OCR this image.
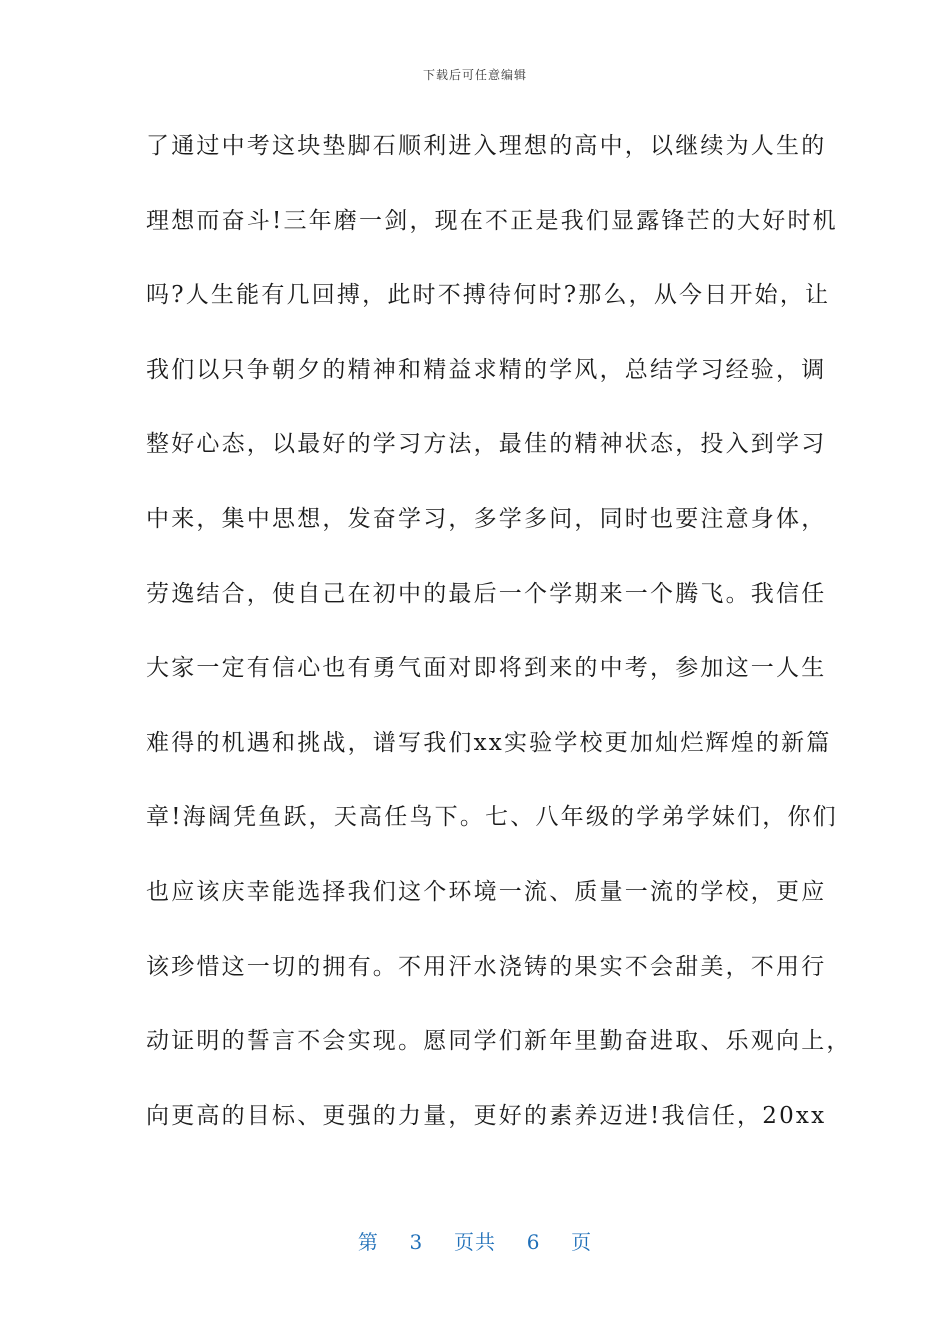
下载后可任意编辑
了通过中考这块垫脚石顺利进入理想的高中，以继续为人生的
理想而奋斗!三年磨一剑，现在不正是我们显露锋芒的大好时机
吗?人生能有几回搏，此时不搏待何时?那么，从今日开始，让
我们以只争朝夕的精神和精益求精的学风，总结学习经验，调
整好心态，以最好的学习方法，最佳的精神状态，投入到学习
中来，集中思想，发奋学习，多学多问，同时也要注意身体，
劳逸结合，使自己在初中的最后一个学期来一个腾飞。我信任
大家一定有信心也有勇气面对即将到来的中考，参加这一人生
难得的机遇和挑战，谱写我们xx实验学校更加灿烂辉煌的新篇
章!海阔凭鱼跃，天高任鸟下。七、八年级的学弟学妹们，你们
也应该庆幸能选择我们这个环境一流、质量一流的学校，更应
该珍惜这一切的拥有。不用汗水浇铸的果实不会甜美，不用行
动证明的誓言不会实现。愿同学们新年里勤奋进取、乐观向上，
向更高的目标、更强的力量，更好的素养迈进!我信任，20xx
第 3 页共 6 页
